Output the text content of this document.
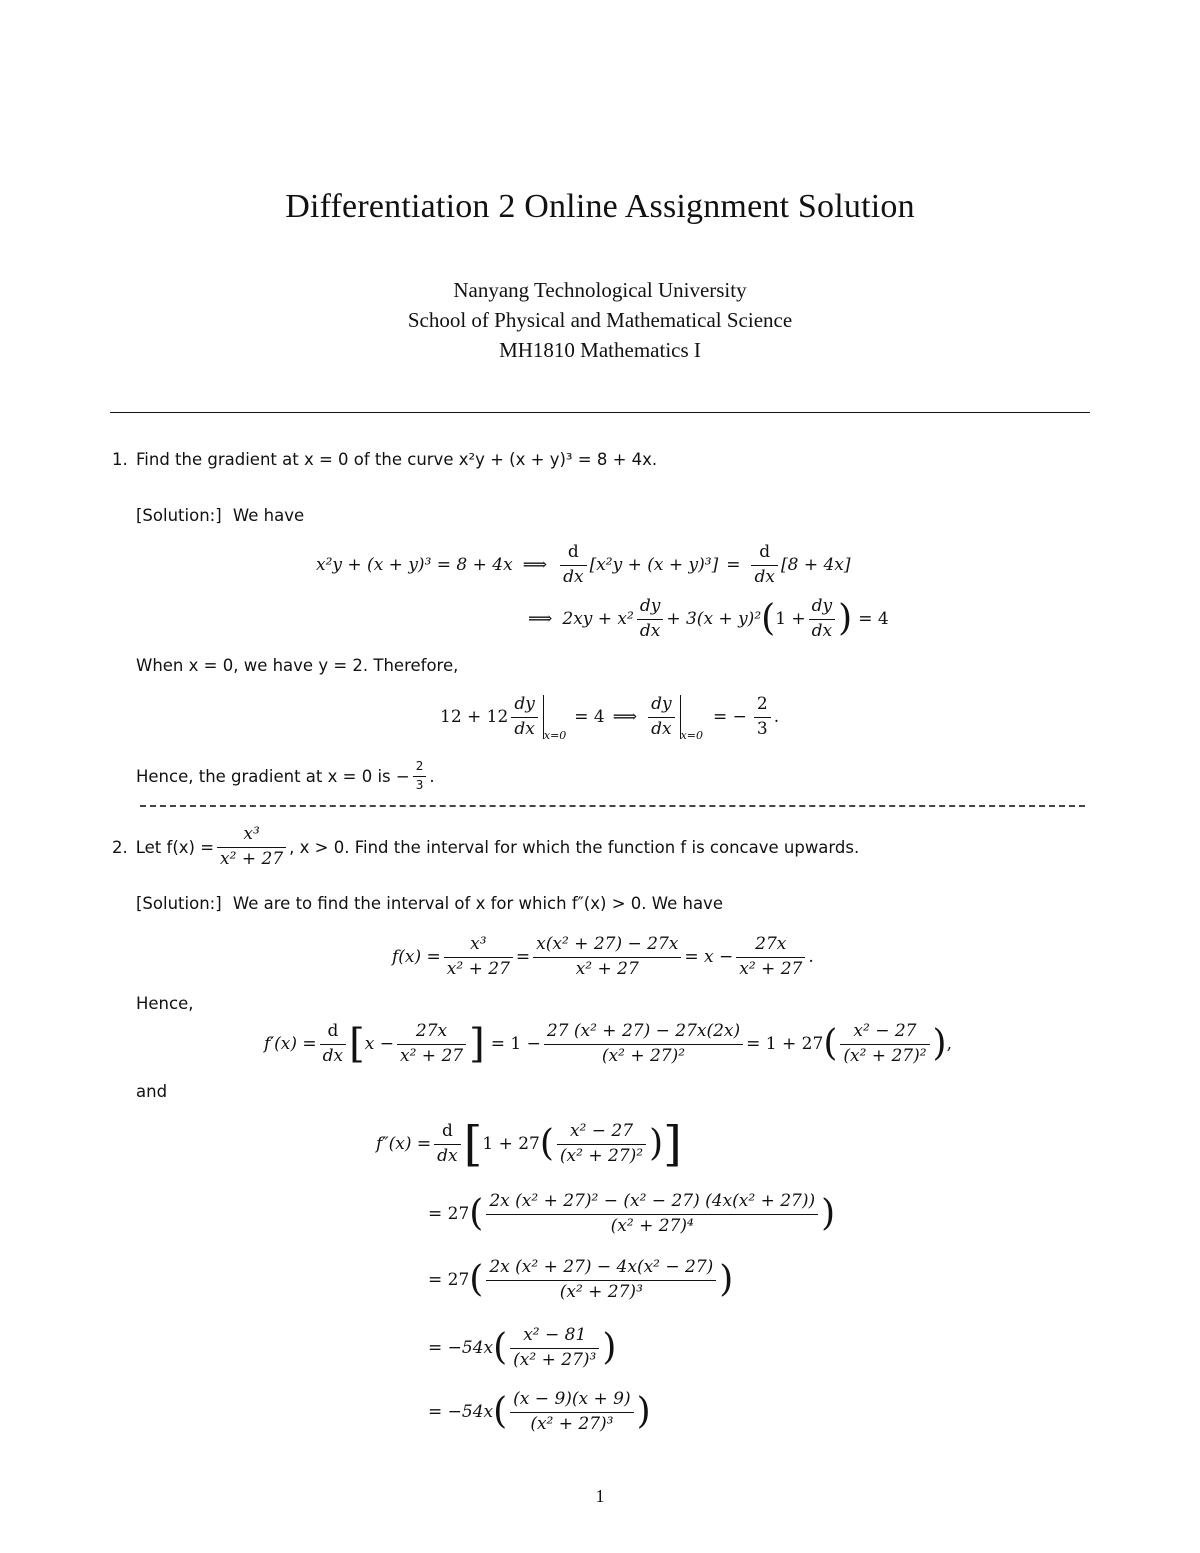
Differentiation 2 Online Assignment Solution
Nanyang Technological University
School of Physical and Mathematical Science
MH1810 Mathematics I
1. Find the gradient at x = 0 of the curve x²y + (x + y)³ = 8 + 4x.
[Solution:] We have
x²y + (x + y)³ = 8 + 4x ⟹ $\frac{d}{dx} [x^2y + (x + y)^3] = \frac{d}{dx} [8 + 4x]$
⟹ $2xy + x^2 \frac{dy}{dx} + 3(x + y)^2$ ( $1 + \frac{dy}{dx}$ ) = 4
When x = 0, we have y = 2. Therefore,
$12 + 12 \frac{dy}{dx} x=0$
= 4 ⟹ $\frac{dy}{dx} x=0$
= − $\frac{2}{3}$ .
Hence, the gradient at x = 0 is − $\frac{2}{3}$ .
2. Let $f(x) = \frac{\text{x³}}{\text{x² + 27}}$ , x > 0. Find the interval for which the function f is concave upwards.
[Solution:] We are to find the interval of x for which f″(x) > 0. We have
$f(x) = \frac{\text{x³}}{\text{x² + 27}} = \frac{\text{x(x² + 27) − 27x}}{\text{x² + 27}} = x - \frac{27x}{\text{x² + 27}}$ .
Hence,
$f'(x) = \frac{d}{dx}$ [ $x - \frac{27x}{\text{x² + 27}}$ ] = $1 - \frac{\text{27 (x² + 27) − 27x(2x)}}{\text{(x² + 27)²}} = 1 + 27$ ( $\frac{\text{x² − 27}}{\text{(x² + 27)²}}$ ) ,
and
$f''(x) = \frac{d}{dx}$ [ 1 + 27 ( $\frac{\text{x² − 27}}{\text{(x² + 27)²}}$ ) ]
= 27 ( $\frac{\text{2x (x² + 27)² − (x² − 27) (4x(x² + 27))}}{\text{(x² + 27)⁴}}$ )
= 27 ( $\frac{\text{2x (x² + 27) − 4x(x² − 27)}}{\text{(x² + 27)³}}$ )
= −54x ( $\frac{\text{x² − 81}}{\text{(x² + 27)³}}$ )
= −54x ( $\frac{(x - 9)(x + 9)}{\text{(x² + 27)³}}$ )
1
